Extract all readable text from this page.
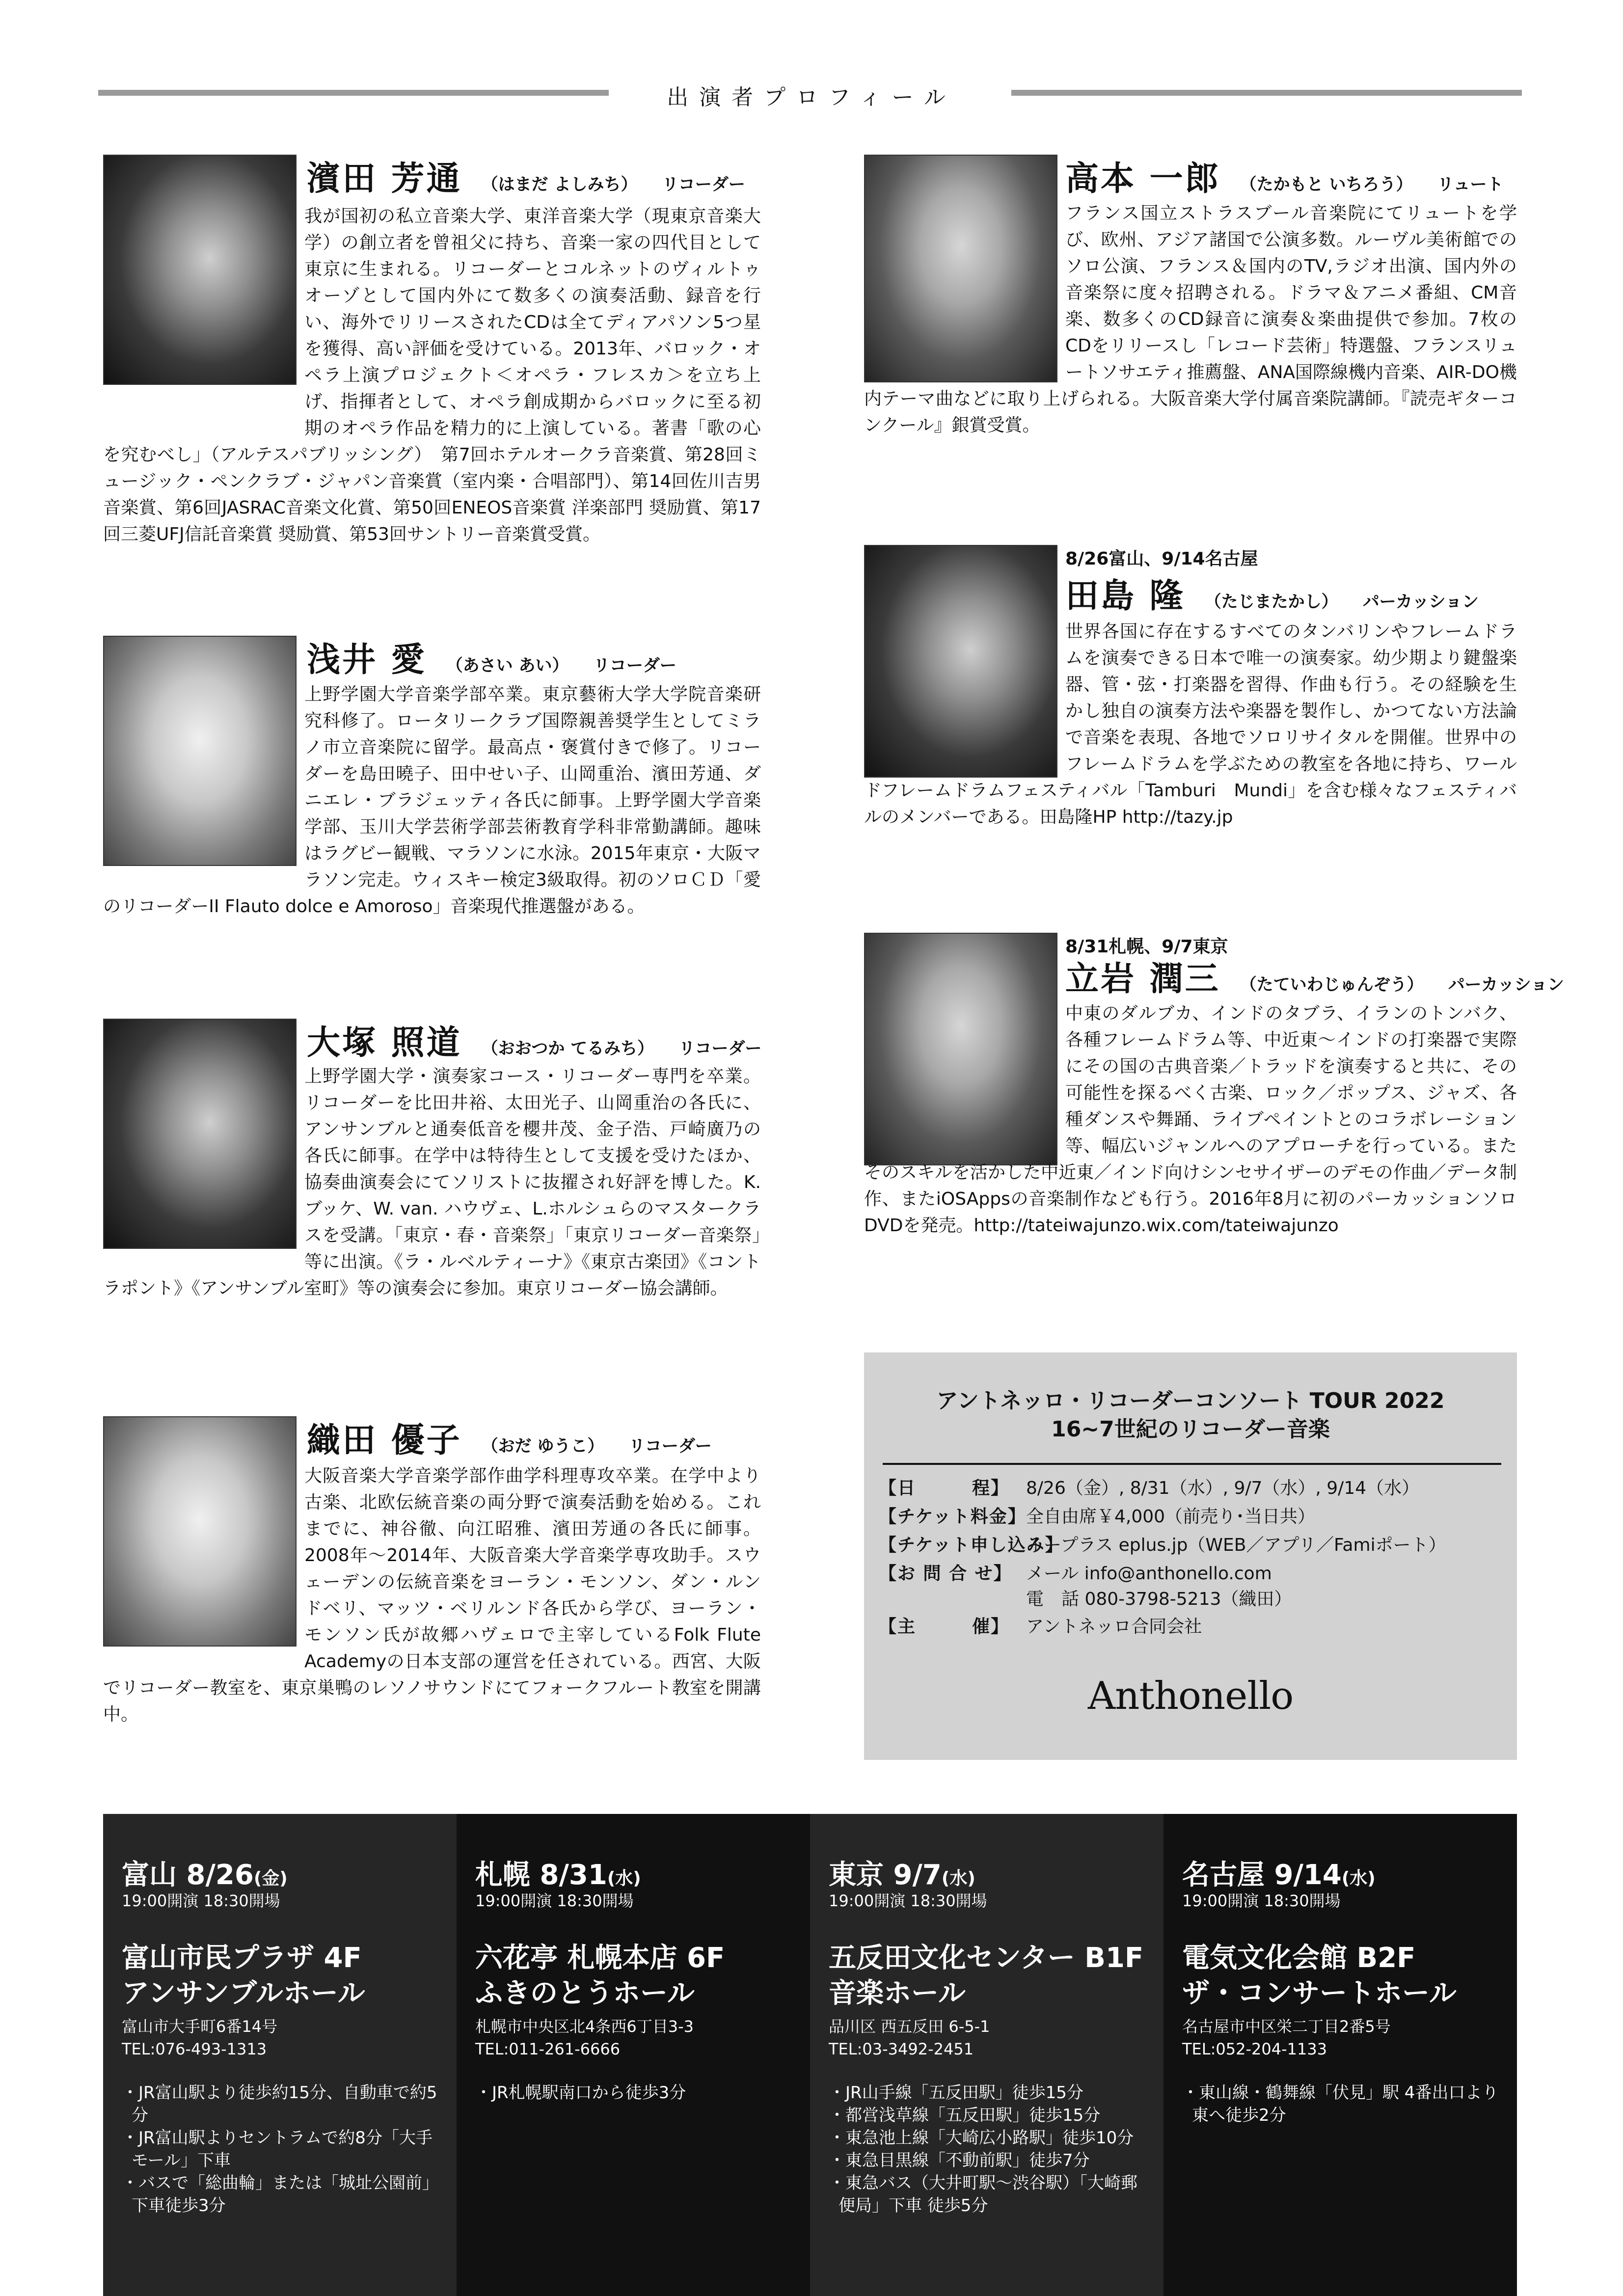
出演者プロフィール
濱田 芳通 （はまだ よしみち） リコーダー
我が国初の私立音楽大学、東洋音楽大学（現東京音楽大学）の創立者を曾祖父に持ち、音楽一家の四代目として東京に生まれる。リコーダーとコルネットのヴィルトゥオーゾとして国内外にて数多くの演奏活動、録音を行い、海外でリリースされたCDは全てディアパソン5つ星を獲得、高い評価を受けている。2013年、バロック・オペラ上演プロジェクト＜オペラ・フレスカ＞を立ち上げ、指揮者として、オペラ創成期からバロックに至る初期のオペラ作品を精力的に上演している。著書「歌の心を究むべし」（アルテスパブリッシング）　第7回ホテルオークラ音楽賞、第28回ミュージック・ペンクラブ・ジャパン音楽賞（室内楽・合唱部門）、第14回佐川吉男音楽賞、第6回JASRAC音楽文化賞、第50回ENEOS音楽賞 洋楽部門 奨励賞、第17回三菱UFJ信託音楽賞 奨励賞、第53回サントリー音楽賞受賞。
浅井 愛 （あさい あい） リコーダー
上野学園大学音楽学部卒業。東京藝術大学大学院音楽研究科修了。ロータリークラブ国際親善奨学生としてミラノ市立音楽院に留学。最高点・褒賞付きで修了。リコーダーを島田曉子、田中せい子、山岡重治、濱田芳通、ダニエレ・ブラジェッティ各氏に師事。上野学園大学音楽学部、玉川大学芸術学部芸術教育学科非常勤講師。趣味はラグビー観戦、マラソンに水泳。2015年東京・大阪マラソン完走。ウィスキー検定3級取得。初のソロＣＤ「愛のリコーダーII Flauto dolce e Amoroso」音楽現代推選盤がある。
大塚 照道 （おおつか てるみち） リコーダー
上野学園大学・演奏家コース・リコーダー専門を卒業。リコーダーを比田井裕、太田光子、山岡重治の各氏に、アンサンブルと通奏低音を櫻井茂、金子浩、戸崎廣乃の各氏に師事。在学中は特待生として支援を受けたほか、協奏曲演奏会にてソリストに抜擢され好評を博した。K. ブッケ、W. van. ハウヴェ、L.ホルシュらのマスタークラスを受講。「東京・春・音楽祭」「東京リコーダー音楽祭」等に出演。《ラ・ルベルティーナ》《東京古楽団》《コントラポント》《アンサンブル室町》等の演奏会に参加。東京リコーダー協会講師。
織田 優子 （おだ ゆうこ） リコーダー
大阪音楽大学音楽学部作曲学科理専攻卒業。在学中より古楽、北欧伝統音楽の両分野で演奏活動を始める。これまでに、神谷徹、向江昭雅、濱田芳通の各氏に師事。2008年〜2014年、大阪音楽大学音楽学専攻助手。スウェーデンの伝統音楽をヨーラン・モンソン、ダン・ルンドベリ、マッツ・ベリルンド各氏から学び、ヨーラン・モンソン氏が故郷ハヴェロで主宰しているFolk Flute Academyの日本支部の運営を任されている。西宮、大阪でリコーダー教室を、東京巣鴨のレソノサウンドにてフォークフルート教室を開講中。
高本 一郎 （たかもと いちろう） リュート
フランス国立ストラスブール音楽院にてリュートを学び、欧州、アジア諸国で公演多数。ルーヴル美術館でのソロ公演、フランス＆国内のTV,ラジオ出演、国内外の音楽祭に度々招聘される。ドラマ＆アニメ番組、CM音楽、数多くのCD録音に演奏＆楽曲提供で参加。7枚のCDをリリースし「レコード芸術」特選盤、フランスリュートソサエティ推薦盤、ANA国際線機内音楽、AIR-DO機内テーマ曲などに取り上げられる。大阪音楽大学付属音楽院講師。『読売ギターコンクール』銀賞受賞。
8/26富山、9/14名古屋
田島 隆 （たじまたかし） パーカッション
世界各国に存在するすべてのタンバリンやフレームドラムを演奏できる日本で唯一の演奏家。幼少期より鍵盤楽器、管・弦・打楽器を習得、作曲も行う。その経験を生かし独自の演奏方法や楽器を製作し、かつてない方法論で音楽を表現、各地でソロリサイタルを開催。世界中のフレームドラムを学ぶための教室を各地に持ち、ワールドフレームドラムフェスティバル「Tamburi　Mundi」を含む様々なフェスティバルのメンバーである。田島隆HP http://tazy.jp
8/31札幌、9/7東京
立岩 潤三 （たていわじゅんぞう） パーカッション
中東のダルブカ、インドのタブラ、イランのトンバク、各種フレームドラム等、中近東〜インドの打楽器で実際にその国の古典音楽／トラッドを演奏すると共に、その可能性を探るべく古楽、ロック／ポップス、ジャズ、各種ダンスや舞踊、ライブペイントとのコラボレーション等、幅広いジャンルへのアプローチを行っている。またそのスキルを活かした中近東／インド向けシンセサイザーのデモの作曲／データ制作、またiOSAppsの音楽制作なども行う。2016年8月に初のパーカッションソロDVDを発売。http://tateiwajunzo.wix.com/tateiwajunzo
アントネッロ・リコーダーコンソート TOUR 2022
16~7世紀のリコーダー音楽
【日　　　程】 8/26（金）, 8/31（水）, 9/7（水）, 9/14（水）
【チケット料金】全自由席￥4,000（前売り･当日共）
【チケット申し込み】イープラス eplus.jp（WEB／アプリ／Famiポート）
【お 問 合 せ】 メール info@anthonello.com
電　話 080-3798-5213（織田）
【主　　　催】 アントネッロ合同会社
Anthonello
富山 8/26(金)
19:00開演 18:30開場
富山市民プラザ 4F
アンサンブルホール
富山市大手町6番14号
TEL:076-493-1313
・JR富山駅より徒歩約15分、自動車で約5分
・JR富山駅よりセントラムで約8分「大手モール」下車
・バスで「総曲輪」または「城址公園前」下車徒歩3分
札幌 8/31(水)
19:00開演 18:30開場
六花亭 札幌本店 6F
ふきのとうホール
札幌市中央区北4条西6丁目3-3
TEL:011-261-6666
・JR札幌駅南口から徒歩3分
東京 9/7(水)
19:00開演 18:30開場
五反田文化センター B1F
音楽ホール
品川区 西五反田 6-5-1
TEL:03-3492-2451
・JR山手線「五反田駅」徒歩15分
・都営浅草線「五反田駅」徒歩15分
・東急池上線「大崎広小路駅」徒歩10分
・東急目黒線「不動前駅」徒歩7分
・東急バス（大井町駅〜渋谷駅）「大崎郵便局」下車 徒歩5分
名古屋 9/14(水)
19:00開演 18:30開場
電気文化会館 B2F
ザ・コンサートホール
名古屋市中区栄二丁目2番5号
TEL:052-204-1133
・東山線・鶴舞線「伏見」駅 4番出口より東へ徒歩2分
